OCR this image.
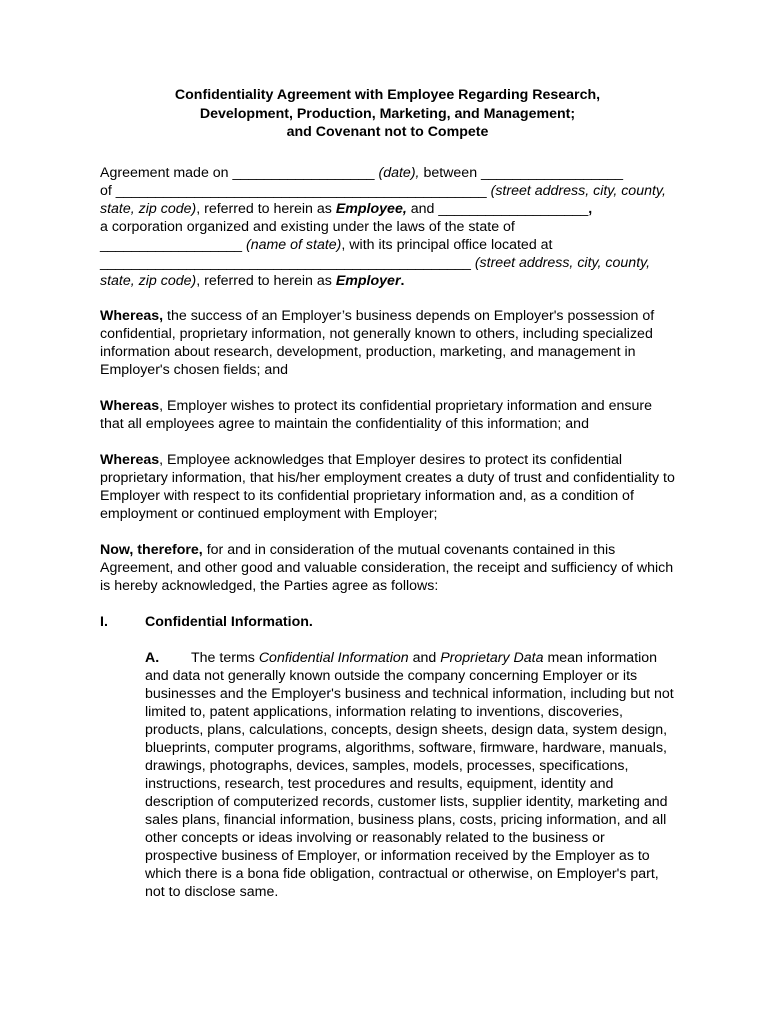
Confidentiality Agreement with Employee Regarding Research,
Development, Production, Marketing, and Management;
and Covenant not to Compete

Agreement made on __________________ (date), between __________________
of _______________________________________________ (street address, city, county, state, zip code), referred to herein as Employee, and ___________________,
a corporation organized and existing under the laws of the state of
__________________ (name of state), with its principal office located at
_______________________________________________ (street address, city, county, state, zip code), referred to herein as Employer.

Whereas, the success of an Employer’s business depends on Employer's possession of confidential, proprietary information, not generally known to others, including specialized information about research, development, production, marketing, and management in Employer's chosen fields; and

Whereas, Employer wishes to protect its confidential proprietary information and ensure that all employees agree to maintain the confidentiality of this information; and

Whereas, Employee acknowledges that Employer desires to protect its confidential proprietary information, that his/her employment creates a duty of trust and confidentiality to Employer with respect to its confidential proprietary information and, as a condition of employment or continued employment with Employer;

Now, therefore, for and in consideration of the mutual covenants contained in this Agreement, and other good and valuable consideration, the receipt and sufficiency of which is hereby acknowledged, the Parties agree as follows:

I.	Confidential Information.

A. The terms Confidential Information and Proprietary Data mean information and data not generally known outside the company concerning Employer or its businesses and the Employer's business and technical information, including but not limited to, patent applications, information relating to inventions, discoveries, products, plans, calculations, concepts, design sheets, design data, system design, blueprints, computer programs, algorithms, software, firmware, hardware, manuals, drawings, photographs, devices, samples, models, processes, specifications, instructions, research, test procedures and results, equipment, identity and description of computerized records, customer lists, supplier identity, marketing and sales plans, financial information, business plans, costs, pricing information, and all other concepts or ideas involving or reasonably related to the business or prospective business of Employer, or information received by the Employer as to which there is a bona fide obligation, contractual or otherwise, on Employer's part, not to disclose same.
